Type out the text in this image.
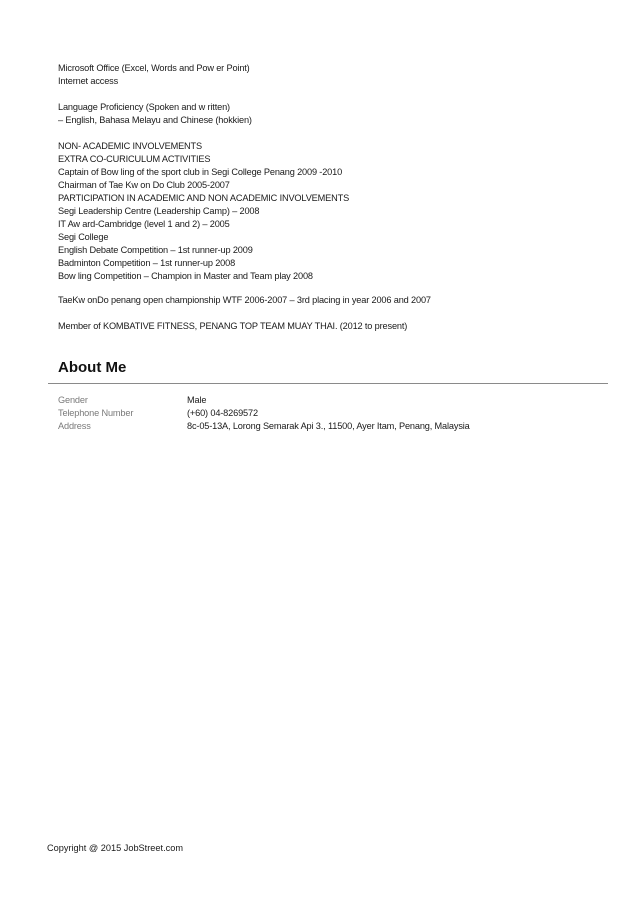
Microsoft Office (Excel, Words and Pow er Point)
Internet access
Language Proficiency (Spoken and w ritten)
– English, Bahasa Melayu and Chinese (hokkien)
NON- ACADEMIC INVOLVEMENTS
EXTRA CO-CURICULUM ACTIVITIES
Captain of Bow ling of the sport club in Segi College Penang 2009 -2010
Chairman of Tae Kw on Do Club 2005-2007
PARTICIPATION IN ACADEMIC AND NON ACADEMIC INVOLVEMENTS
Segi Leadership Centre (Leadership Camp) – 2008
IT Aw ard-Cambridge (level 1 and 2) – 2005
Segi College
English Debate Competition – 1st runner-up 2009
Badminton Competition – 1st runner-up 2008
Bow ling Competition – Champion in Master and Team play 2008
TaeKw onDo penang open championship WTF 2006-2007 – 3rd placing in year 2006 and 2007
Member of KOMBATIVE FITNESS, PENANG TOP TEAM MUAY THAI. (2012 to present)
About Me
Gender	Male
Telephone Number	(+60) 04-8269572
Address	8c-05-13A, Lorong Semarak Api 3., 11500, Ayer Itam, Penang, Malaysia
Copyright @ 2015 JobStreet.com
